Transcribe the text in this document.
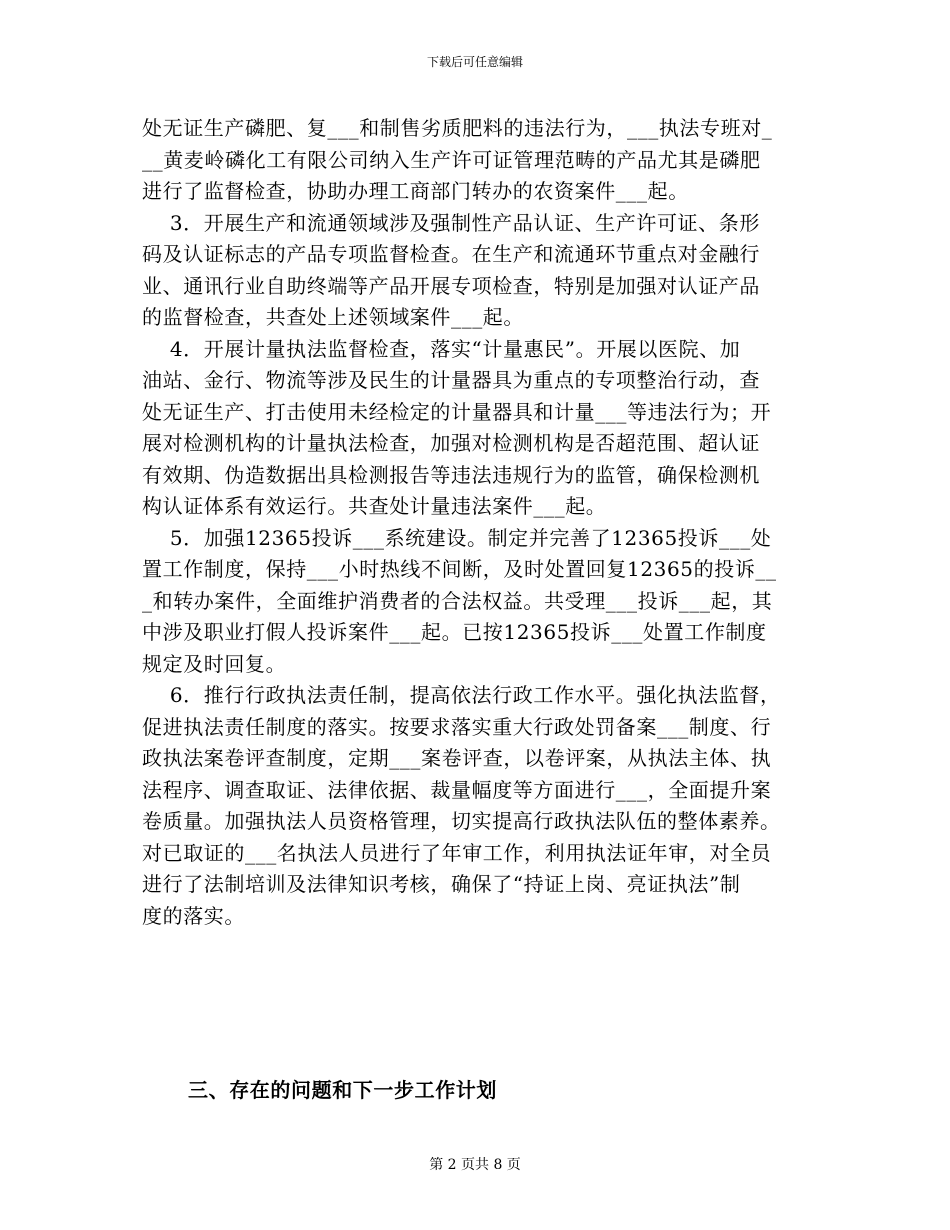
下载后可任意编辑
处无证生产磷肥、复___和制售劣质肥料的违法行为，___执法专班对_
__黄麦岭磷化工有限公司纳入生产许可证管理范畴的产品尤其是磷肥
进行了监督检查，协助办理工商部门转办的农资案件___起。
3．开展生产和流通领域涉及强制性产品认证、生产许可证、条形
码及认证标志的产品专项监督检查。在生产和流通环节重点对金融行
业、通讯行业自助终端等产品开展专项检查，特别是加强对认证产品
的监督检查，共查处上述领域案件___起。
4．开展计量执法监督检查，落实“计量惠民”。开展以医院、加
油站、金行、物流等涉及民生的计量器具为重点的专项整治行动，查
处无证生产、打击使用未经检定的计量器具和计量___等违法行为；开
展对检测机构的计量执法检查，加强对检测机构是否超范围、超认证
有效期、伪造数据出具检测报告等违法违规行为的监管，确保检测机
构认证体系有效运行。共查处计量违法案件___起。
5．加强12365投诉___系统建设。制定并完善了12365投诉___处
置工作制度，保持___小时热线不间断，及时处置回复12365的投诉__
_和转办案件，全面维护消费者的合法权益。共受理___投诉___起，其
中涉及职业打假人投诉案件___起。已按12365投诉___处置工作制度
规定及时回复。
6．推行行政执法责任制，提高依法行政工作水平。强化执法监督，
促进执法责任制度的落实。按要求落实重大行政处罚备案___制度、行
政执法案卷评查制度，定期___案卷评查，以卷评案，从执法主体、执
法程序、调查取证、法律依据、裁量幅度等方面进行___，全面提升案
卷质量。加强执法人员资格管理，切实提高行政执法队伍的整体素养。
对已取证的___名执法人员进行了年审工作，利用执法证年审，对全员
进行了法制培训及法律知识考核，确保了“持证上岗、亮证执法”制
度的落实。
三、存在的问题和下一步工作计划
第 2 页共 8 页
